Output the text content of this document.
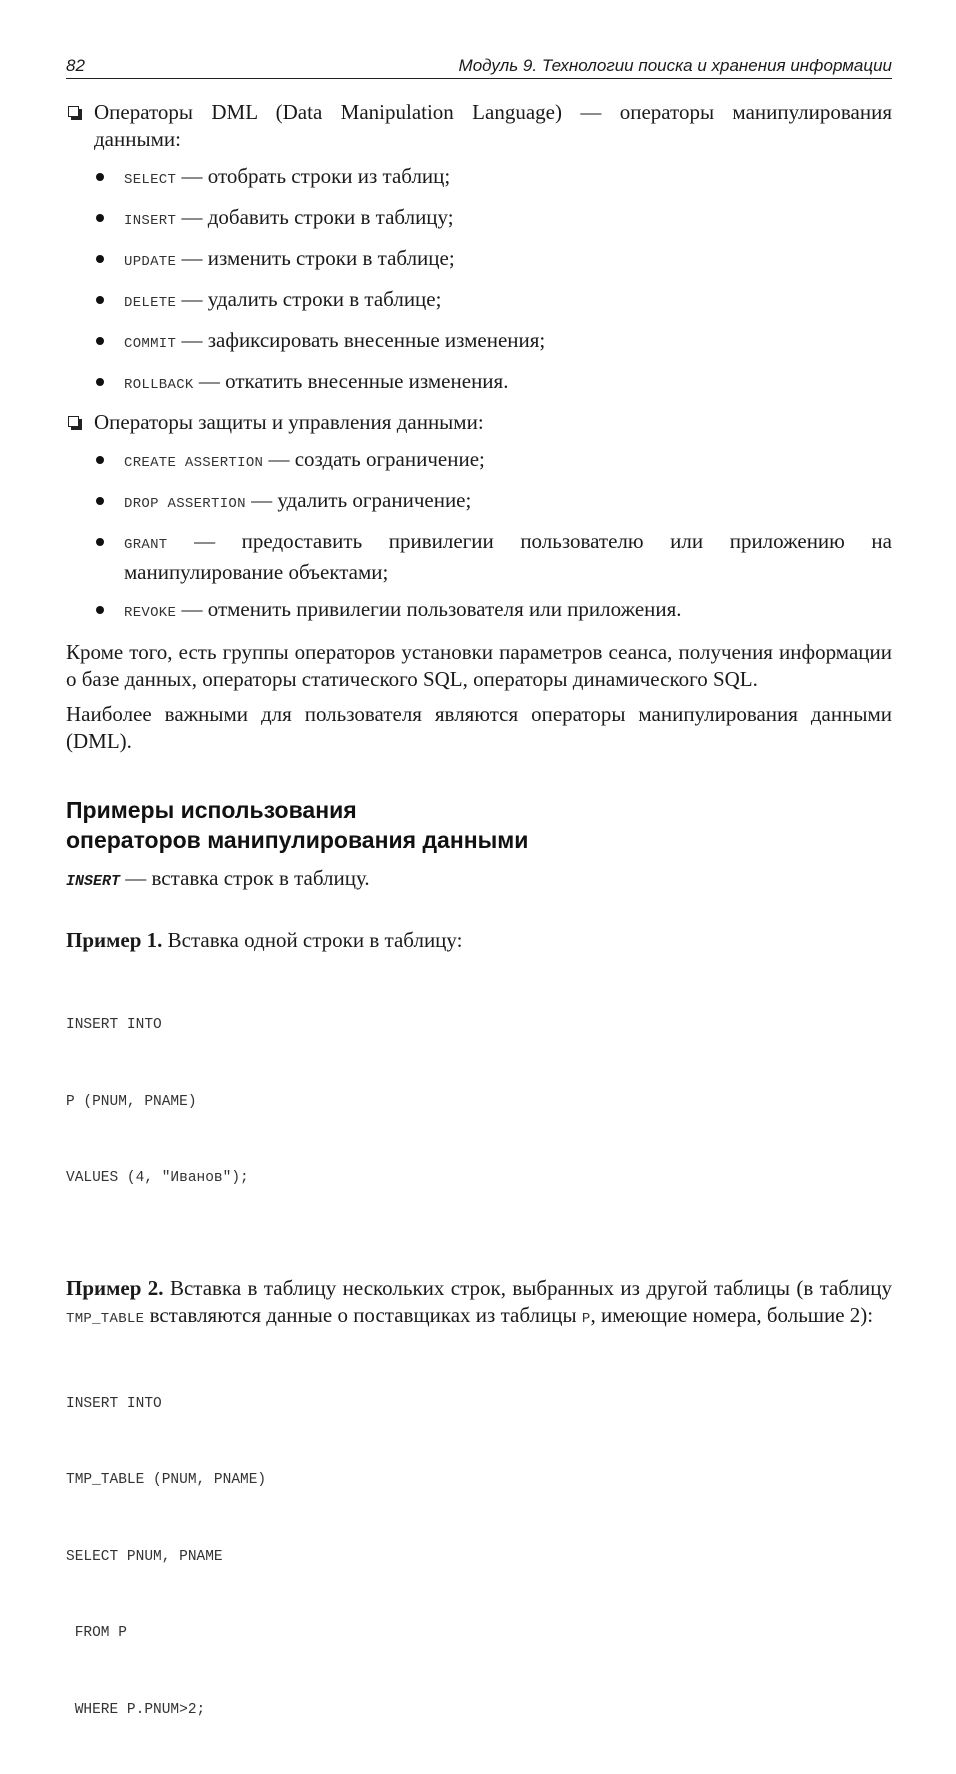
82	Модуль 9. Технологии поиска и хранения информации
Операторы DML (Data Manipulation Language) — операторы манипулирования данными:
SELECT — отобрать строки из таблиц;
INSERT — добавить строки в таблицу;
UPDATE — изменить строки в таблице;
DELETE — удалить строки в таблице;
COMMIT — зафиксировать внесенные изменения;
ROLLBACK — откатить внесенные изменения.
Операторы защиты и управления данными:
CREATE ASSERTION — создать ограничение;
DROP ASSERTION — удалить ограничение;
GRANT — предоставить привилегии пользователю или приложению на манипулирование объектами;
REVOKE — отменить привилегии пользователя или приложения.

Кроме того, есть группы операторов установки параметров сеанса, получения информации о базе данных, операторы статического SQL, операторы динамического SQL.

Наиболее важными для пользователя являются операторы манипулирования данными (DML).

Примеры использования
операторов манипулирования данными
INSERT — вставка строк в таблицу.
Пример 1. Вставка одной строки в таблицу:

INSERT INTO

P (PNUM, PNAME)

VALUES (4, "Иванов");

Пример 2. Вставка в таблицу нескольких строк, выбранных из другой таблицы (в таблицу TMP_TABLE вставляются данные о поставщиках из таблицы P, имеющие номера, большие 2):

INSERT INTO

TMP_TABLE (PNUM, PNAME)

SELECT PNUM, PNAME

FROM P

WHERE P.PNUM>2;
